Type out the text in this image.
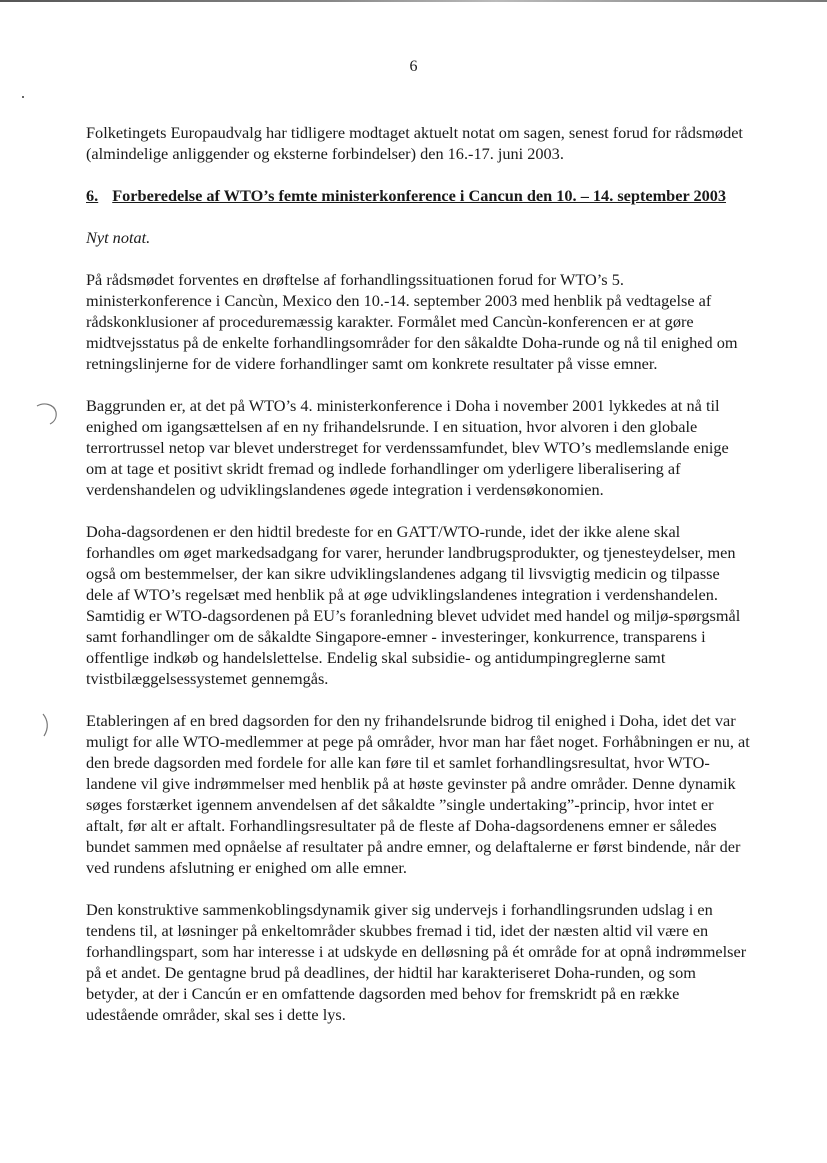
6

Folketingets Europaudvalg har tidligere modtaget aktuelt notat om sagen, senest forud for rådsmødet (almindelige anliggender og eksterne forbindelser) den 16.-17. juni 2003.

6. Forberedelse af WTO’s femte ministerkonference i Cancun den 10. – 14. september 2003
Nyt notat.

På rådsmødet forventes en drøftelse af forhandlingssituationen forud for WTO’s 5. ministerkonference i Cancùn, Mexico den 10.-14. september 2003 med henblik på vedtagelse af rådskonklusioner af proceduremæssig karakter. Formålet med Cancùn-konferencen er at gøre midtvejsstatus på de enkelte forhandlingsområder for den såkaldte Doha-runde og nå til enighed om retningslinjerne for de videre forhandlinger samt om konkrete resultater på visse emner.

Baggrunden er, at det på WTO’s 4. ministerkonference i Doha i november 2001 lykkedes at nå til enighed om igangsættelsen af en ny frihandelsrunde. I en situation, hvor alvoren i den globale terrortrussel netop var blevet understreget for verdenssamfundet, blev WTO’s medlemslande enige om at tage et positivt skridt fremad og indlede forhandlinger om yderligere liberalisering af verdenshandelen og udviklingslandenes øgede integration i verdensøkonomien.

Doha-dagsordenen er den hidtil bredeste for en GATT/WTO-runde, idet der ikke alene skal forhandles om øget markedsadgang for varer, herunder landbrugsprodukter, og tjenesteydelser, men også om bestemmelser, der kan sikre udviklingslandenes adgang til livsvigtig medicin og tilpasse dele af WTO’s regelsæt med henblik på at øge udviklingslandenes integration i verdenshandelen. Samtidig er WTO-dagsordenen på EU’s foranledning blevet udvidet med handel og miljø-spørgsmål samt forhandlinger om de såkaldte Singapore-emner - investeringer, konkurrence, transparens i offentlige indkøb og handelslettelse. Endelig skal subsidie- og antidumpingreglerne samt tvistbilæggelsessystemet gennemgås.

Etableringen af en bred dagsorden for den ny frihandelsrunde bidrog til enighed i Doha, idet det var muligt for alle WTO-medlemmer at pege på områder, hvor man har fået noget. Forhåbningen er nu, at den brede dagsorden med fordele for alle kan føre til et samlet forhandlingsresultat, hvor WTO-landene vil give indrømmelser med henblik på at høste gevinster på andre områder. Denne dynamik søges forstærket igennem anvendelsen af det såkaldte ”single undertaking”-princip, hvor intet er aftalt, før alt er aftalt. Forhandlingsresultater på de fleste af Doha-dagsordenens emner er således bundet sammen med opnåelse af resultater på andre emner, og delaftalerne er først bindende, når der ved rundens afslutning er enighed om alle emner.

Den konstruktive sammenkoblingsdynamik giver sig undervejs i forhandlingsrunden udslag i en tendens til, at løsninger på enkeltområder skubbes fremad i tid, idet der næsten altid vil være en forhandlingspart, som har interesse i at udskyde en delløsning på ét område for at opnå indrømmelser på et andet. De gentagne brud på deadlines, der hidtil har karakteriseret Doha-runden, og som betyder, at der i Cancún er en omfattende dagsorden med behov for fremskridt på en række udestående områder, skal ses i dette lys.
